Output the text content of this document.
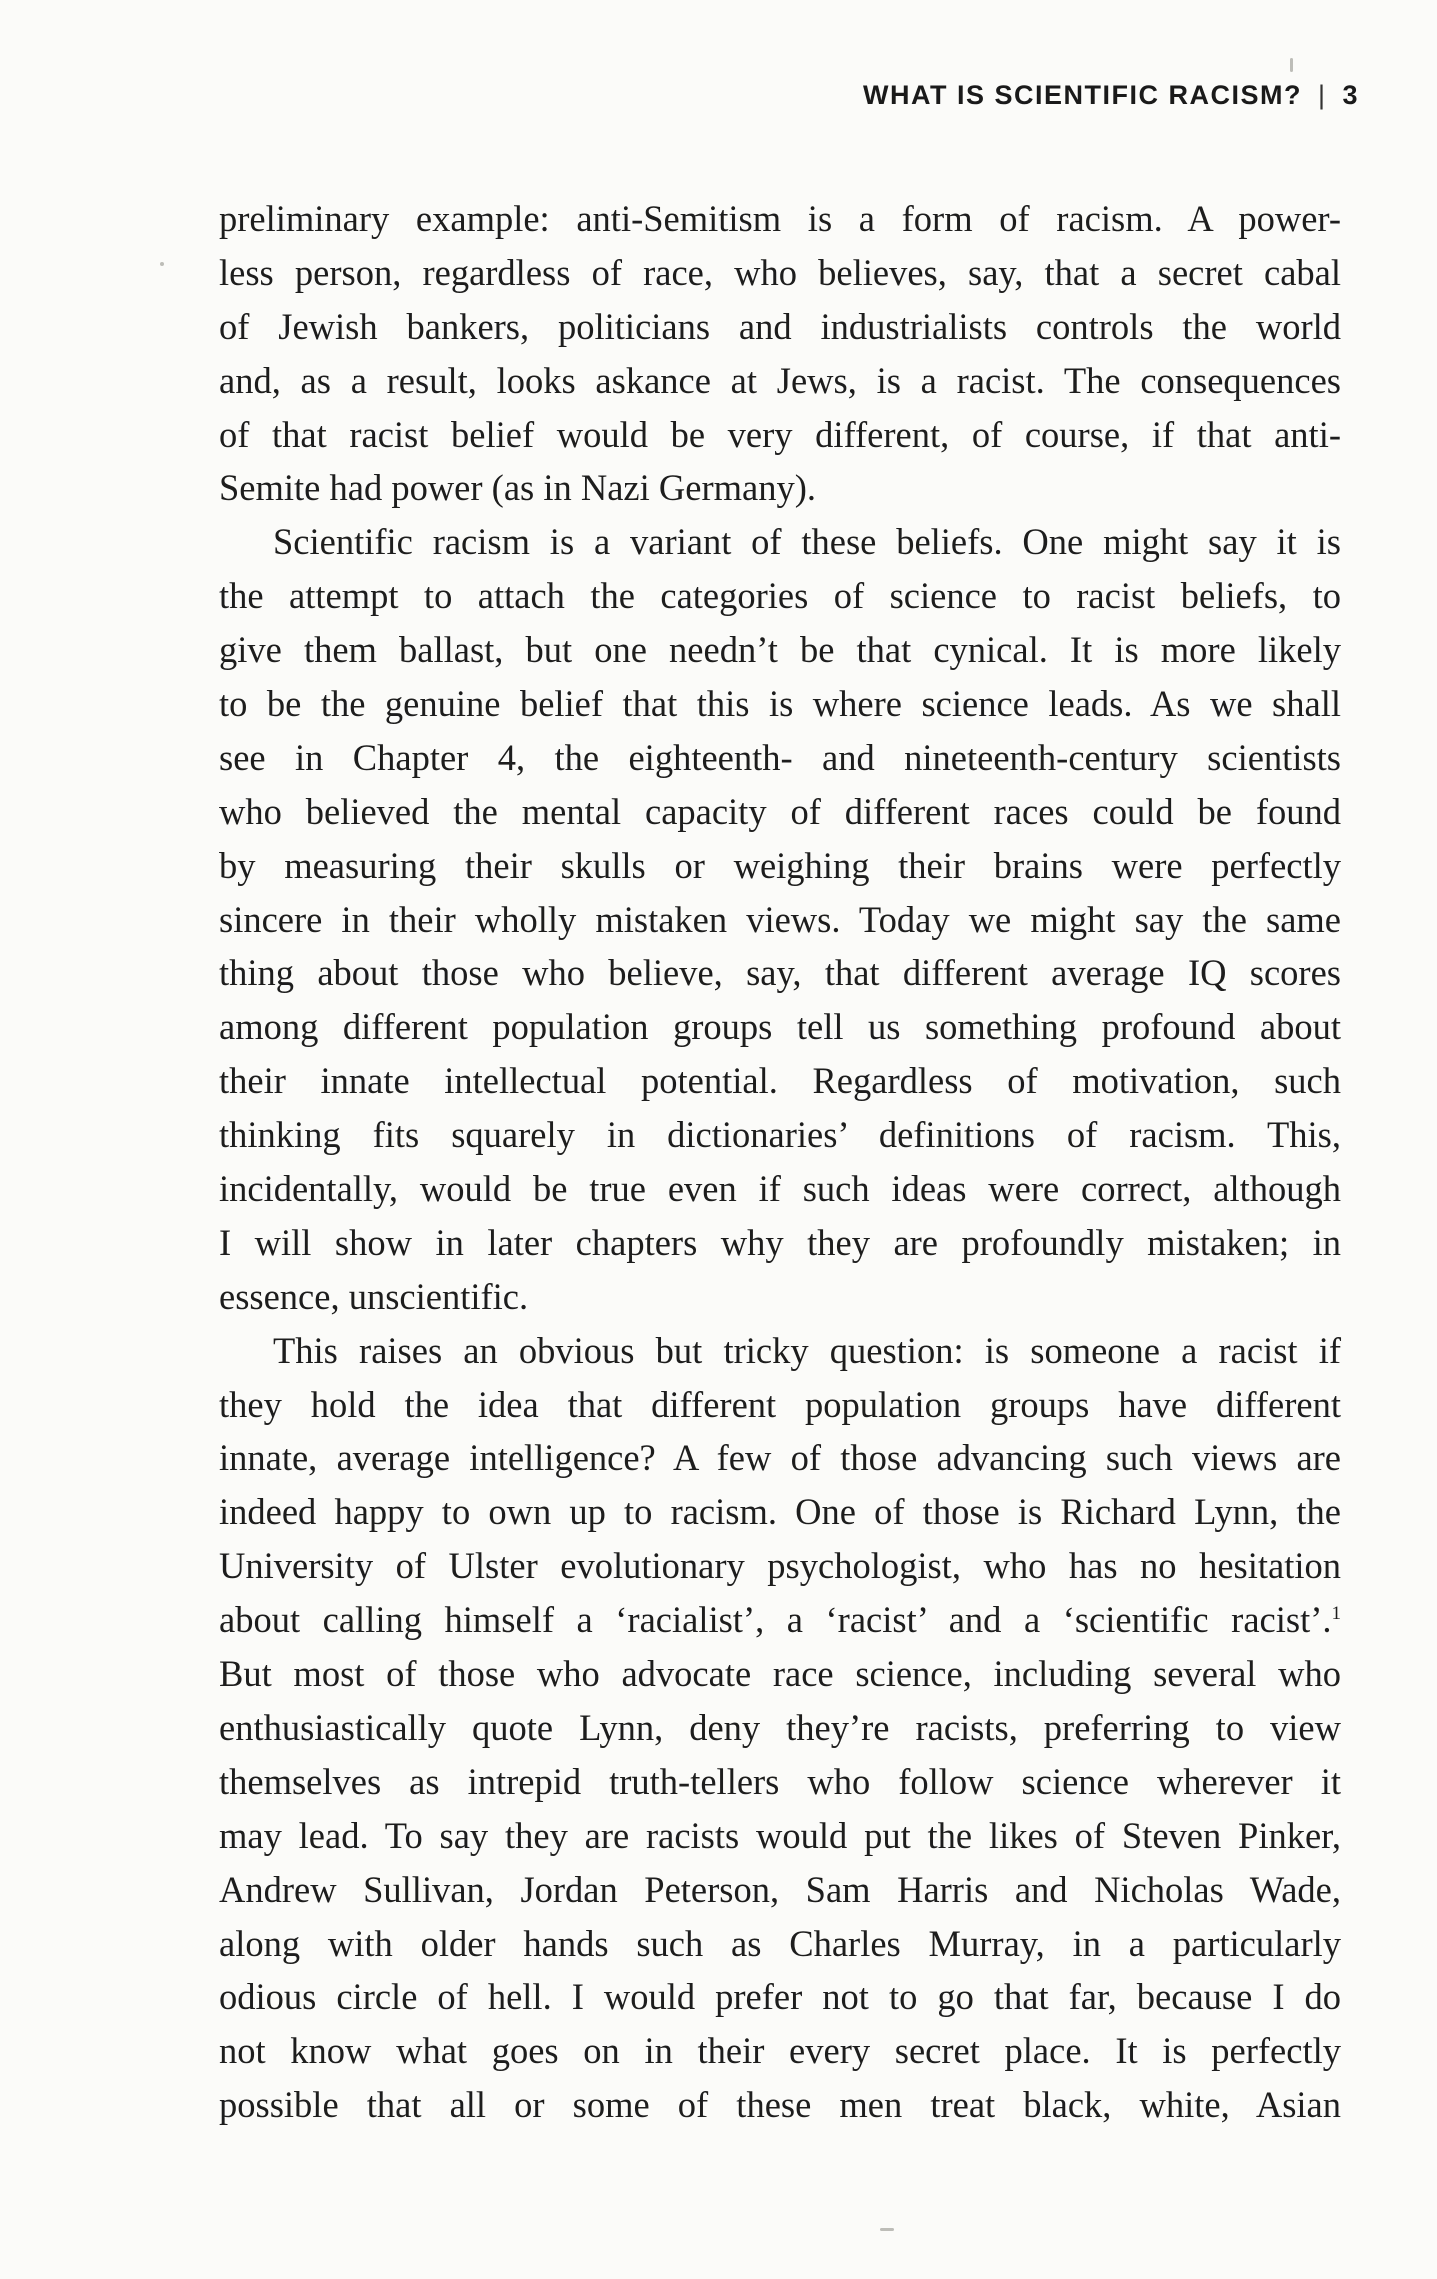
WHAT IS SCIENTIFIC RACISM? | 3
preliminary example: anti-Semitism is a form of racism. A power-
less person, regardless of race, who believes, say, that a secret cabal
of Jewish bankers, politicians and industrialists controls the world
and, as a result, looks askance at Jews, is a racist. The consequences
of that racist belief would be very different, of course, if that anti-
Semite had power (as in Nazi Germany).
Scientific racism is a variant of these beliefs. One might say it is
the attempt to attach the categories of science to racist beliefs, to
give them ballast, but one needn’t be that cynical. It is more likely
to be the genuine belief that this is where science leads. As we shall
see in Chapter 4, the eighteenth- and nineteenth-century scientists
who believed the mental capacity of different races could be found
by measuring their skulls or weighing their brains were perfectly
sincere in their wholly mistaken views. Today we might say the same
thing about those who believe, say, that different average IQ scores
among different population groups tell us something profound about
their innate intellectual potential. Regardless of motivation, such
thinking fits squarely in dictionaries’ definitions of racism. This,
incidentally, would be true even if such ideas were correct, although
I will show in later chapters why they are profoundly mistaken; in
essence, unscientific.
This raises an obvious but tricky question: is someone a racist if
they hold the idea that different population groups have different
innate, average intelligence? A few of those advancing such views are
indeed happy to own up to racism. One of those is Richard Lynn, the
University of Ulster evolutionary psychologist, who has no hesitation
about calling himself a ‘racialist’, a ‘racist’ and a ‘scientific racist’.$^1$
But most of those who advocate race science, including several who
enthusiastically quote Lynn, deny they’re racists, preferring to view
themselves as intrepid truth-tellers who follow science wherever it
may lead. To say they are racists would put the likes of Steven Pinker,
Andrew Sullivan, Jordan Peterson, Sam Harris and Nicholas Wade,
along with older hands such as Charles Murray, in a particularly
odious circle of hell. I would prefer not to go that far, because I do
not know what goes on in their every secret place. It is perfectly
possible that all or some of these men treat black, white, Asian
